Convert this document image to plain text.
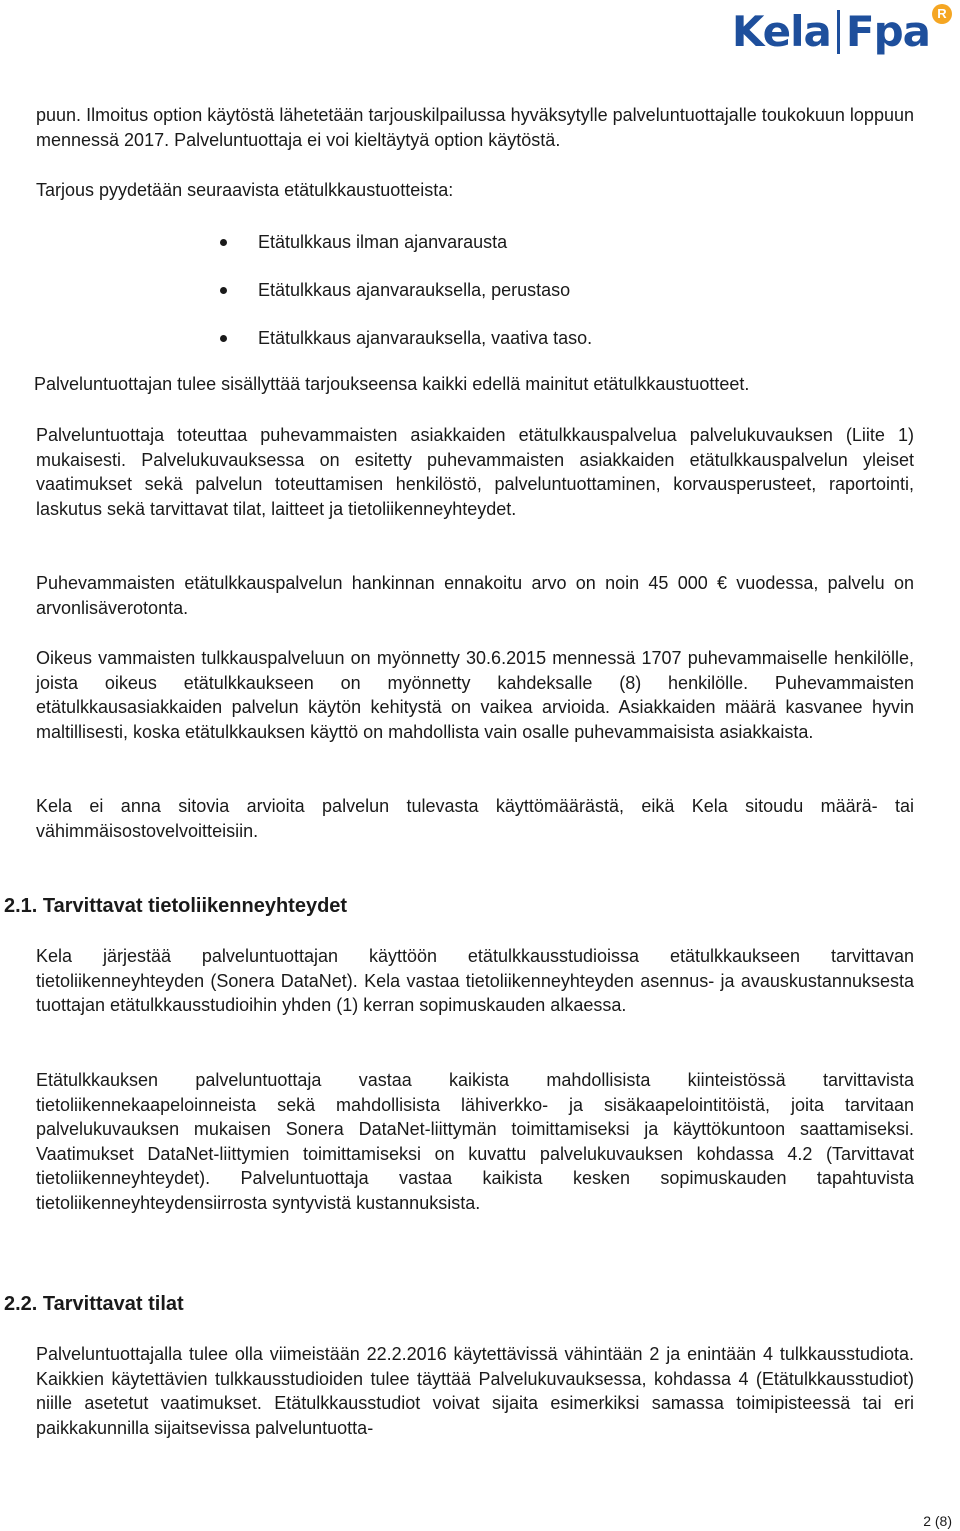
Kela Fpa R

puun. Ilmoitus option käytöstä lähetetään tarjouskilpailussa hyväksytylle palveluntuottajalle toukokuun loppuun mennessä 2017. Palveluntuottaja ei voi kieltäytyä option käytöstä.

Tarjous pyydetään seuraavista etätulkkaustuotteista:

Etätulkkaus ilman ajanvarausta
Etätulkkaus ajanvarauksella, perustaso
Etätulkkaus ajanvarauksella, vaativa taso.

Palveluntuottajan tulee sisällyttää tarjoukseensa kaikki edellä mainitut etätulkkaustuotteet.

Palveluntuottaja toteuttaa puhevammaisten asiakkaiden etätulkkauspalvelua palvelukuvauksen (Liite 1) mukaisesti. Palvelukuvauksessa on esitetty puhevammaisten asiakkaiden etätulkkauspalvelun yleiset vaatimukset sekä palvelun toteuttamisen henkilöstö, palveluntuottaminen, korvausperusteet, raportointi, laskutus sekä tarvittavat tilat, laitteet ja tietoliikenneyhteydet.

Puhevammaisten etätulkkauspalvelun hankinnan ennakoitu arvo on noin 45 000 € vuodessa, palvelu on arvonlisäverotonta.

Oikeus vammaisten tulkkauspalveluun on myönnetty 30.6.2015 mennessä 1707 puhevammaiselle henkilölle, joista oikeus etätulkkaukseen on myönnetty kahdeksalle (8) henkilölle. Puhevammaisten etätulkkausasiakkaiden palvelun käytön kehitystä on vaikea arvioida. Asiakkaiden määrä kasvanee hyvin maltillisesti, koska etätulkkauksen käyttö on mahdollista vain osalle puhevammaisista asiakkaista.

Kela ei anna sitovia arvioita palvelun tulevasta käyttömäärästä, eikä Kela sitoudu määrä- tai vähimmäisostovelvoitteisiin.

2.1. Tarvittavat tietoliikenneyhteydet

Kela järjestää palveluntuottajan käyttöön etätulkkausstudioissa etätulkkaukseen tarvittavan tietoliikenneyhteyden (Sonera DataNet). Kela vastaa tietoliikenneyhteyden asennus- ja avauskustannuksesta tuottajan etätulkkausstudioihin yhden (1) kerran sopimuskauden alkaessa.

Etätulkkauksen palveluntuottaja vastaa kaikista mahdollisista kiinteistössä tarvittavista tietoliikennekaapeloinneista sekä mahdollisista lähiverkko- ja sisäkaapelointitöistä, joita tarvitaan palvelukuvauksen mukaisen Sonera DataNet-liittymän toimittamiseksi ja käyttökuntoon saattamiseksi. Vaatimukset DataNet-liittymien toimittamiseksi on kuvattu palvelukuvauksen kohdassa 4.2 (Tarvittavat tietoliikenneyhteydet). Palveluntuottaja vastaa kaikista kesken sopimuskauden tapahtuvista tietoliikenneyhteydensiirrosta syntyvistä kustannuksista.

2.2. Tarvittavat tilat

Palveluntuottajalla tulee olla viimeistään 22.2.2016 käytettävissä vähintään 2 ja enintään 4 tulkkausstudiota. Kaikkien käytettävien tulkkausstudioiden tulee täyttää Palvelukuvauksessa, kohdassa 4 (Etätulkkausstudiot) niille asetetut vaatimukset. Etätulkkausstudiot voivat sijaita esimerkiksi samassa toimipisteessä tai eri paikkakunnilla sijaitsevissa palveluntuotta-

2 (8)
